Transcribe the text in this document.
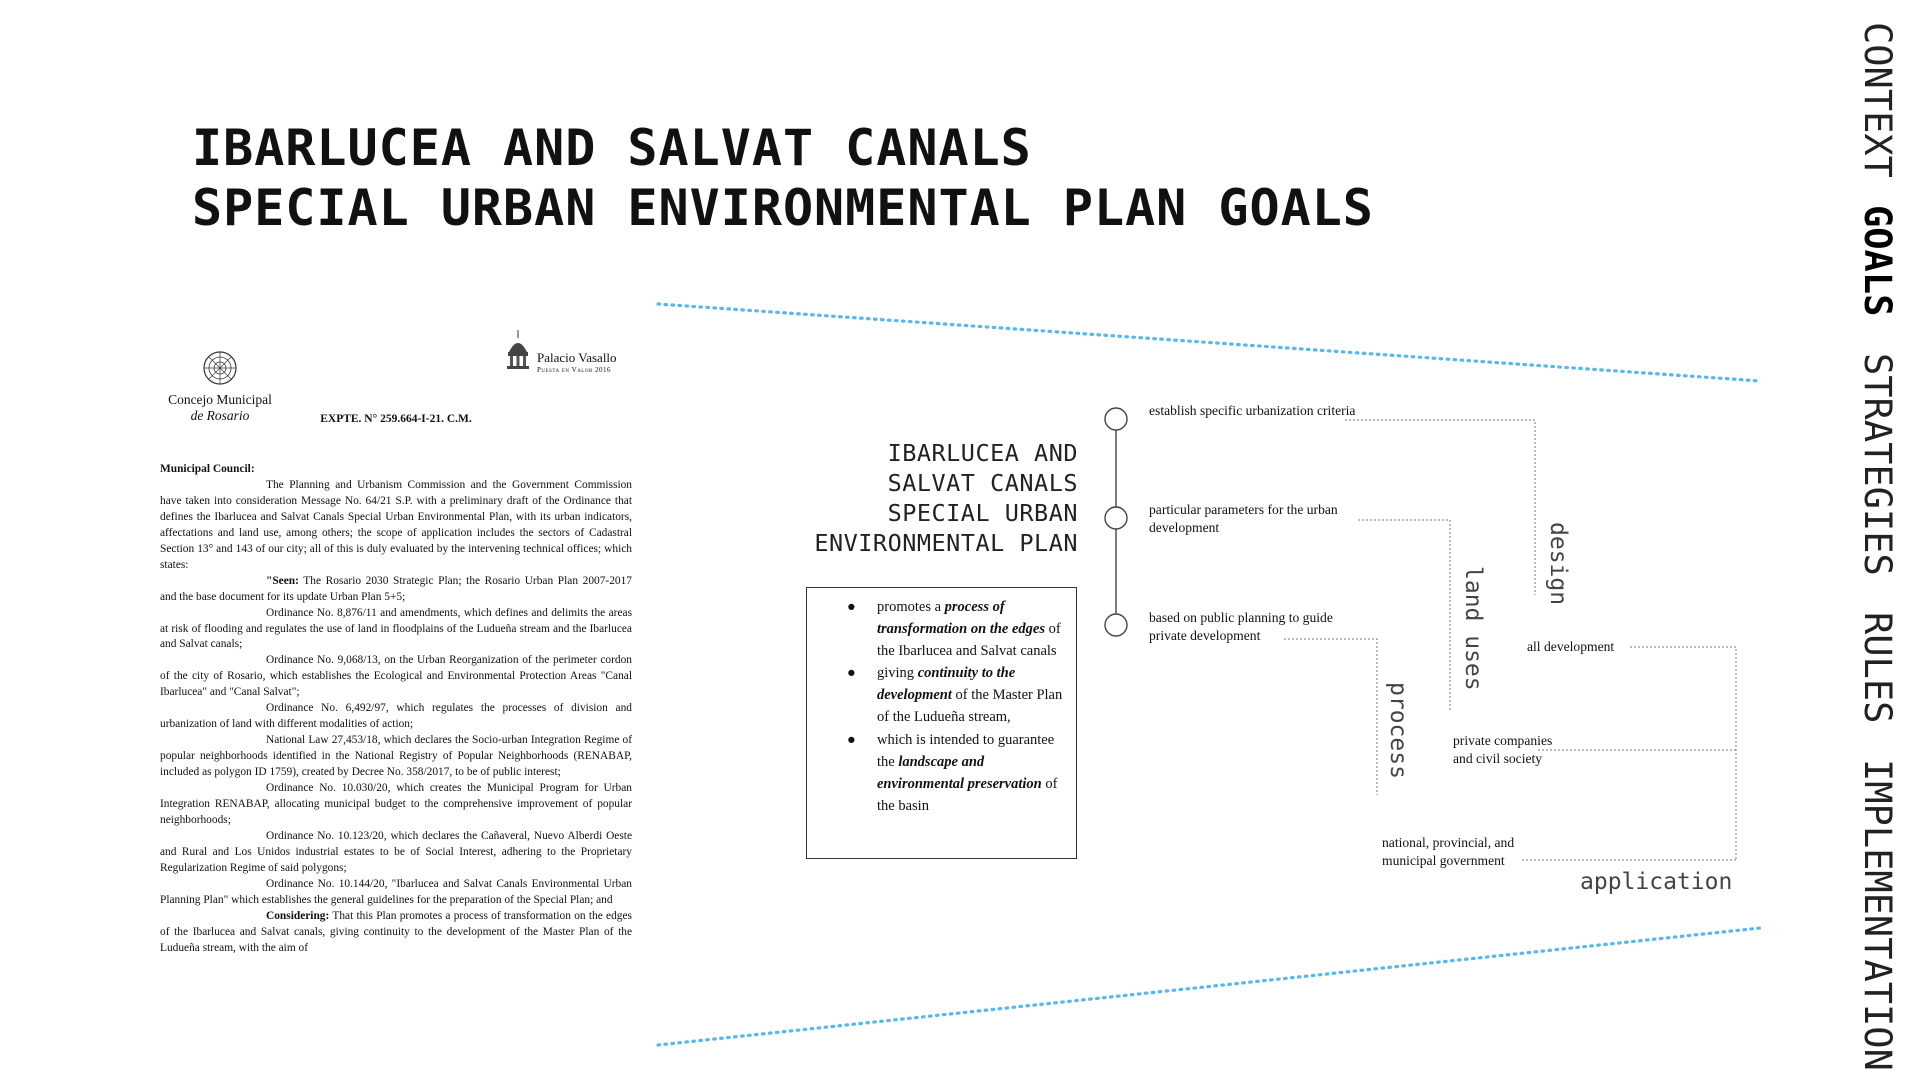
IBARLUCEA AND SALVAT CANALS
SPECIAL URBAN ENVIRONMENTAL PLAN GOALS
CONTEXT
GOALS
STRATEGIES
RULES
IMPLEMENTATION
Concejo Municipal
de Rosario
Palacio Vasallo
Puesta en Valor 2016
EXPTE. N° 259.664-I-21. C.M.

Municipal Council:

The Planning and Urbanism Commission and the Government Commission have taken into consideration Message No. 64/21 S.P. with a preliminary draft of the Ordinance that defines the Ibarlucea and Salvat Canals Special Urban Environmental Plan, with its urban indicators, affectations and land use, among others; the scope of application includes the sectors of Cadastral Section 13° and 143 of our city; all of this is duly evaluated by the intervening technical offices; which states:

"Seen: The Rosario 2030 Strategic Plan; the Rosario Urban Plan 2007-2017 and the base document for its update Urban Plan 5+5;

Ordinance No. 8,876/11 and amendments, which defines and delimits the areas at risk of flooding and regulates the use of land in floodplains of the Ludueña stream and the Ibarlucea and Salvat canals;

Ordinance No. 9,068/13, on the Urban Reorganization of the perimeter cordon of the city of Rosario, which establishes the Ecological and Environmental Protection Areas "Canal Ibarlucea" and "Canal Salvat";

Ordinance No. 6,492/97, which regulates the processes of division and urbanization of land with different modalities of action;

National Law 27,453/18, which declares the Socio-urban Integration Regime of popular neighborhoods identified in the National Registry of Popular Neighborhoods (RENABAP, included as polygon ID 1759), created by Decree No. 358/2017, to be of public interest;

Ordinance No. 10.030/20, which creates the Municipal Program for Urban Integration RENABAP, allocating municipal budget to the comprehensive improvement of popular neighborhoods;

Ordinance No. 10.123/20, which declares the Cañaveral, Nuevo Alberdi Oeste and Rural and Los Unidos industrial estates to be of Social Interest, adhering to the Proprietary Regularization Regime of said polygons;

Ordinance No. 10.144/20, "Ibarlucea and Salvat Canals Environmental Urban Planning Plan" which establishes the general guidelines for the preparation of the Special Plan; and

Considering: That this Plan promotes a process of transformation on the edges of the Ibarlucea and Salvat canals, giving continuity to the development of the Master Plan of the Ludueña stream, with the aim of

IBARLUCEA AND
SALVAT CANALS
SPECIAL URBAN
ENVIRONMENTAL PLAN
● promotes a process of transformation on the edges of the Ibarlucea and Salvat canals
● giving continuity to the development of the Master Plan of the Ludueña stream,
● which is intended to guarantee the landscape and environmental preservation of the basin
establish specific urbanization criteria
particular parameters for the urban
development
based on public planning to guide
private development
design
land uses
process
all development
private companies
and civil society
national, provincial, and
municipal government
application
